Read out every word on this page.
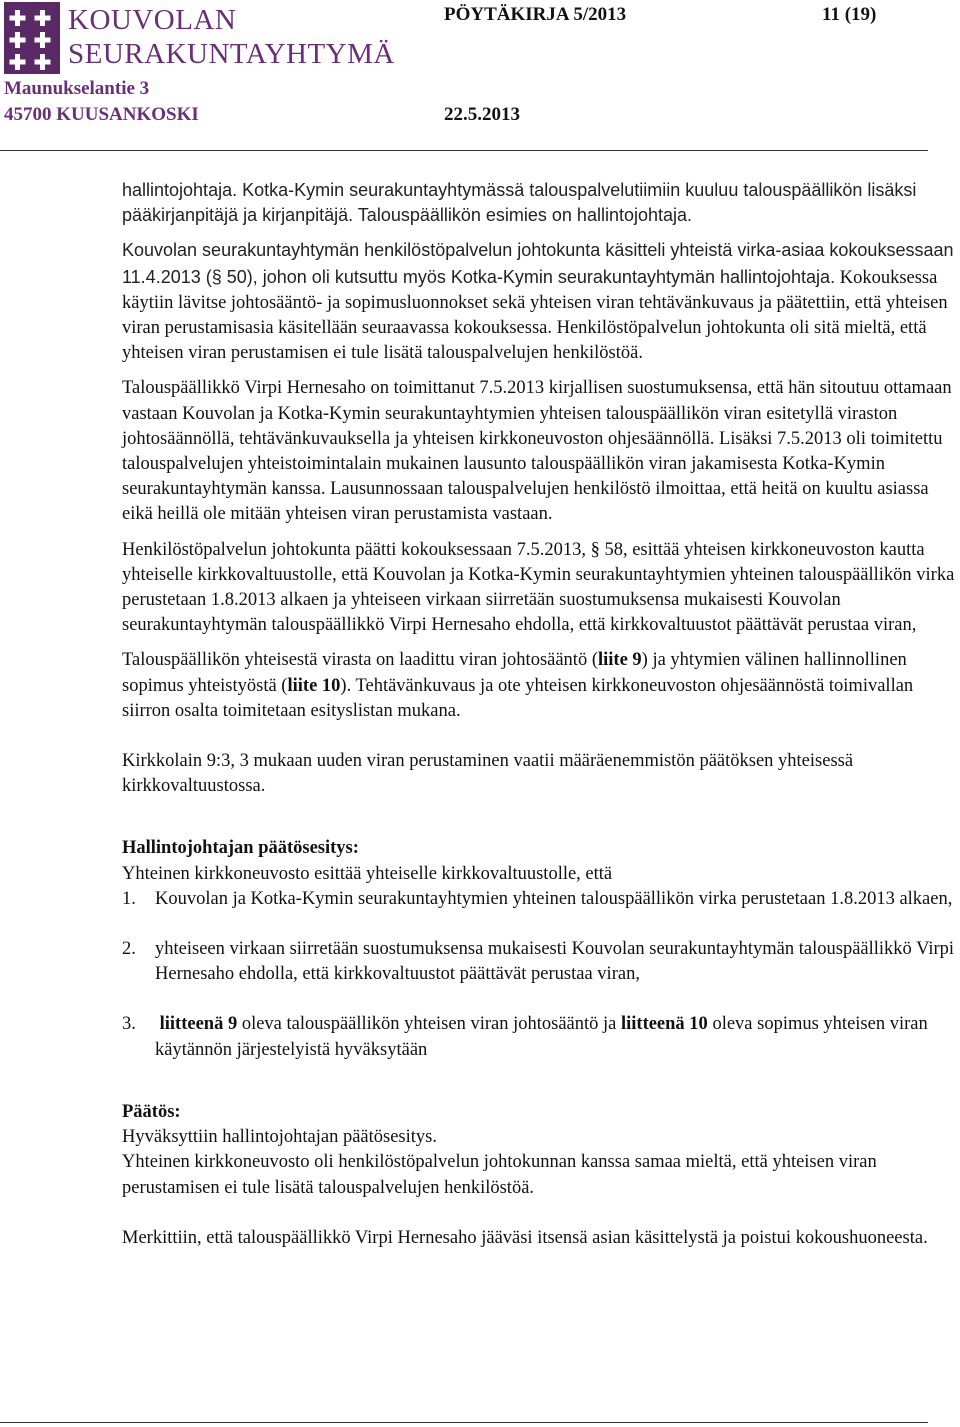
KOUVOLAN
SEURAKUNTAYHTYMÄ
Maunukselantie 3
45700 KUUSANKOSKI
PÖYTÄKIRJA 5/2013	11 (19)
22.5.2013

hallintojohtaja. Kotka-Kymin seurakuntayhtymässä talouspalvelutiimiin kuuluu talouspäällikön lisäksi pääkirjanpitäjä ja kirjanpitäjä. Talouspäällikön esimies on hallintojohtaja.

Kouvolan seurakuntayhtymän henkilöstöpalvelun johtokunta käsitteli yhteistä virka-asiaa kokouksessaan 11.4.2013 (§ 50), johon oli kutsuttu myös Kotka-Kymin seurakuntayhtymän hallintojohtaja. Kokouksessa käytiin lävitse johtosääntö- ja sopimusluonnokset sekä yhteisen viran tehtävänkuvaus ja päätettiin, että yhteisen viran perustamisasia käsitellään seuraavassa kokouksessa. Henkilöstöpalvelun johtokunta oli sitä mieltä, että yhteisen viran perustamisen ei tule lisätä talouspalvelujen henkilöstöä.

Talouspäällikkö Virpi Hernesaho on toimittanut 7.5.2013 kirjallisen suostumuksensa, että hän sitoutuu ottamaan vastaan Kouvolan ja Kotka-Kymin seurakuntayhtymien yhteisen talouspäällikön viran esitetyllä viraston johtosäännöllä, tehtävänkuvauksella ja yhteisen kirkkoneuvoston ohjesäännöllä. Lisäksi 7.5.2013 oli toimitettu talouspalvelujen yhteistoimintalain mukainen lausunto talouspäällikön viran jakamisesta Kotka-Kymin seurakuntayhtymän kanssa. Lausunnossaan talouspalvelujen henkilöstö ilmoittaa, että heitä on kuultu asiassa eikä heillä ole mitään yhteisen viran perustamista vastaan.

Henkilöstöpalvelun johtokunta päätti kokouksessaan 7.5.2013, § 58, esittää yhteisen kirkkoneuvoston kautta yhteiselle kirkkovaltuustolle, että Kouvolan ja Kotka-Kymin seurakuntayhtymien yhteinen talouspäällikön virka perustetaan 1.8.2013 alkaen ja yhteiseen virkaan siirretään suostumuksensa mukaisesti Kouvolan seurakuntayhtymän talouspäällikkö Virpi Hernesaho ehdolla, että kirkkovaltuustot päättävät perustaa viran,

Talouspäällikön yhteisestä virasta on laadittu viran johtosääntö (liite 9) ja yhtymien välinen hallinnollinen sopimus yhteistyöstä (liite 10). Tehtävänkuvaus ja ote yhteisen kirkkoneuvoston ohjesäännöstä toimivallan siirron osalta toimitetaan esityslistan mukana.

Kirkkolain 9:3, 3 mukaan uuden viran perustaminen vaatii määräenemmistön päätöksen yhteisessä kirkkovaltuustossa.

Hallintojohtajan päätösesitys:

Yhteinen kirkkoneuvosto esittää yhteiselle kirkkovaltuustolle, että

1.	Kouvolan ja Kotka-Kymin seurakuntayhtymien yhteinen talouspäällikön virka perustetaan 1.8.2013 alkaen,
2.	yhteiseen virkaan siirretään suostumuksensa mukaisesti Kouvolan seurakuntayhtymän talouspäällikkö Virpi Hernesaho ehdolla, että kirkkovaltuustot päättävät perustaa viran,
3.	liitteenä 9 oleva talouspäällikön yhteisen viran johtosääntö ja liitteenä 10 oleva sopimus yhteisen viran käytännön järjestelyistä hyväksytään

Päätös:

Hyväksyttiin hallintojohtajan päätösesitys.

Yhteinen kirkkoneuvosto oli henkilöstöpalvelun johtokunnan kanssa samaa mieltä, että yhteisen viran perustamisen ei tule lisätä talouspalvelujen henkilöstöä.

Merkittiin, että talouspäällikkö Virpi Hernesaho jääväsi itsensä asian käsittelystä ja poistui kokoushuoneesta.
